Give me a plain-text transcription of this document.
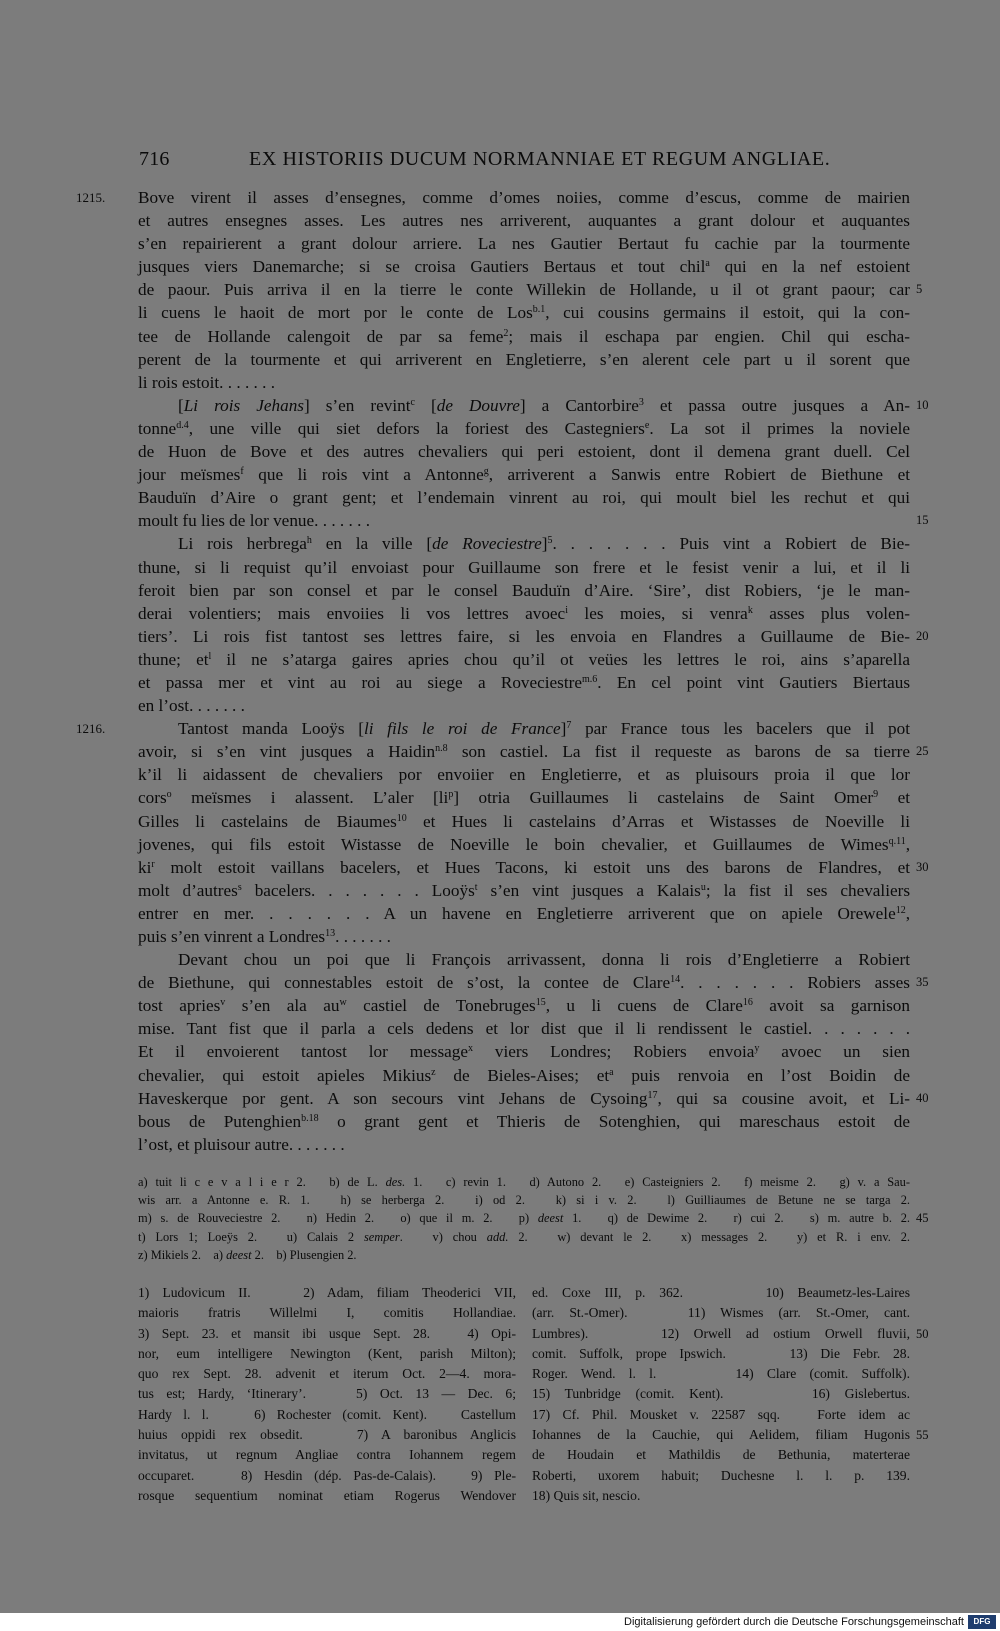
716	EX HISTORIIS DUCUM NORMANNIAE ET REGUM ANGLIAE.
Bove virent il asses d’ensegnes, comme d’omes noiies, comme d’escus, comme de mairien
1215.
et autres ensegnes asses. Les autres nes arriverent, auquantes a grant dolour et auquantes
s’en repairierent a grant dolour arriere. La nes Gautier Bertaut fu cachie par la tourmente
jusques viers Danemarche; si se croisa Gautiers Bertaus et tout chil$^a$ qui en la nef estoient
de paour. Puis arriva il en la tierre le conte Willekin de Hollande, u il ot grant paour; car 5
li cuens le haoit de mort por le conte de Los$^{b.1}$, cui cousins germains il estoit, qui la con-
tee de Hollande calengoit de par sa feme$^2$; mais il eschapa par engien. Chil qui escha-
perent de la tourmente et qui arriverent en Engletierre, s’en alerent cele part u il sorent que
li rois estoit. . . . . . .
[Li rois Jehans] s’en revint$^c$ [de Douvre] a Cantorbire$^3$ et passa outre jusques a An- 10
tonne$^{d.4}$, une ville qui siet defors la foriest des Castegniers$^e$. La sot il primes la noviele
de Huon de Bove et des autres chevaliers qui peri estoient, dont il demena grant duell. Cel
jour meïsmes$^f$ que li rois vint a Antonne$^g$, arriverent a Sanwis entre Robiert de Biethune et
Bauduïn d’Aire o grant gent; et l’endemain vinrent au roi, qui moult biel les rechut et qui
moult fu lies de lor venue. . . . . . .	15
Li rois herbrega$^h$ en la ville [de Roveciestre]$^5$. . . . . . . Puis vint a Robiert de Bie-
thune, si li requist qu’il envoiast pour Guillaume son frere et le fesist venir a lui, et il li
feroit bien par son consel et par le consel Bauduïn d’Aire. ‘Sire’, dist Robiers, ‘je le man-
derai volentiers; mais envoiies li vos lettres avoec$^i$ les moies, si venra$^k$ asses plus volen-
tiers’. Li rois fist tantost ses lettres faire, si les envoia en Flandres a Guillaume de Bie- 20
thune; $et^l$ il ne s’atarga gaires apries chou qu’il ot veües les lettres le roi, ains s’aparella
et passa mer et vint au roi au siege a Roveciestre$^{m.6}$. En cel point vint Gautiers Biertaus
en l’ost. . . . . . .
Tantost manda Looÿs [li fils le roi de France]$^7$ par France tous les bacelers que il pot
1216.
avoir, si s’en vint jusques a Haidin$^{n.8}$ son castiel. La fist il requeste as barons de sa tierre 25
k’il li aidassent de chevaliers por envoiier en Engletierre, et as pluisours proia il que lor
cors$^o$ meïsmes i alassent. L’aler $[li^p]$ otria Guillaumes li castelains de Saint Omer$^9$ et
Gilles li castelains de Biaumes$^{10}$ et Hues li castelains d’Arras et Wistasses de Noeville li
jovenes, qui fils estoit Wistasse de Noeville le boin chevalier, et Guillaumes de Wimes$^{q.11}$,
$ki^r$ molt estoit vaillans bacelers, et Hues Tacons, ki estoit uns des barons de Flandres, et 30
molt d’autres$^s$ bacelers. . . . . . . Looÿs$^t$ s’en vint jusques a Kalais$^u$; la fist il ses chevaliers
entrer en mer. . . . . . . A un havene en Engletierre arriverent que on apiele Orewele$^{12}$,
puis s’en vinrent a Londres$^{13}$. . . . . . .
Devant chou un poi que li François arrivassent, donna li rois d’Engletierre a Robiert
de Biethune, qui connestables estoit de s’ost, la contee de Clare$^{14}$. . . . . . . Robiers asses 35
tost apries$^v$ s’en ala $au^w$ castiel de Tonebruges$^{15}$, u li cuens de Clare$^{16}$ avoit sa garnison
mise. Tant fist que il parla a cels dedens et lor dist que il li rendissent le castiel. . . . . . .
Et il envoierent tantost lor message$^x$ viers Londres; Robiers envoia$^y$ avoec un sien
chevalier, qui estoit apieles Mikius$^z$ de Bieles-Aises; $et^a$ puis renvoia en l’ost Boidin de
Haveskerque por gent. A son secours vint Jehans de Cysoing$^{17}$, qui sa cousine avoit, et Li- 40
bous de Putenghien$^{b.18}$ o grant gent et Thieris de Sotenghien, qui mareschaus estoit de
l’ost, et pluisour autre. . . . . . .
a) tuit li c e v a l i e r 2.   b) de L. des. 1.   c) revin 1.   d) Autono 2.   e) Casteigniers 2.   f) meisme 2.   g) v. a Sau-
wis arr. a Antonne e. R. 1.   h) se herberga 2.   i) od 2.   k) si i v. 2.   l) Guilliaumes de Betune ne se targa 2.
m) s. de Rouveciestre 2.   n) Hedin 2.   o) que il m. 2.   p) deest 1.   q) de Dewime 2.   r) cui 2.   s) m. autre b. 2. 45
t) Lors 1; Loeÿs 2.   u) Calais 2 semper.   v) chou add. 2.   w) devant le 2.   x) messages 2.   y) et R. i env. 2.
z) Mikiels 2.    a) deest 2.    b) Plusengien 2.
1) Ludovicum II.    2) Adam, filiam Theoderici VII,
maioris fratris Willelmi I, comitis Hollandiae.
3) Sept. 23. et mansit ibi usque Sept. 28.   4) Opi-
nor, eum intelligere Newington (Kent, parish Milton);
quo rex Sept. 28. advenit et iterum Oct. 2—4. mora-
tus est; Hardy, ‘Itinerary’.    5) Oct. 13 — Dec. 6;
Hardy l. l.    6) Rochester (comit. Kent).   Castellum
huius oppidi rex obsedit.    7) A baronibus Anglicis
invitatus, ut regnum Angliae contra Iohannem regem
occuparet.    8) Hesdin (dép. Pas-de-Calais).   9) Ple-
rosque sequentium nominat etiam Rogerus Wendover
ed. Coxe III, p. 362.      10) Beaumetz-les-Laires
(arr. St.-Omer).    11) Wismes (arr. St.-Omer, cant.
Lumbres).     12) Orwell ad ostium Orwell fluvii, 50
comit. Suffolk, prope Ipswich.     13) Die Febr. 28.
Roger. Wend. l. l.      14) Clare (comit. Suffolk).
15) Tunbridge (comit. Kent).      16) Gislebertus.
17) Cf. Phil. Mousket v. 22587 sqq.   Forte idem ac
Iohannes de la Cauchie, qui Aelidem, filiam Hugonis 55
de Houdain et Mathildis de Bethunia, materterae
Roberti, uxorem habuit; Duchesne l. l. p. 139.
18) Quis sit, nescio.
Digitalisierung gefördert durch die Deutsche Forschungsgemeinschaft	DFG
